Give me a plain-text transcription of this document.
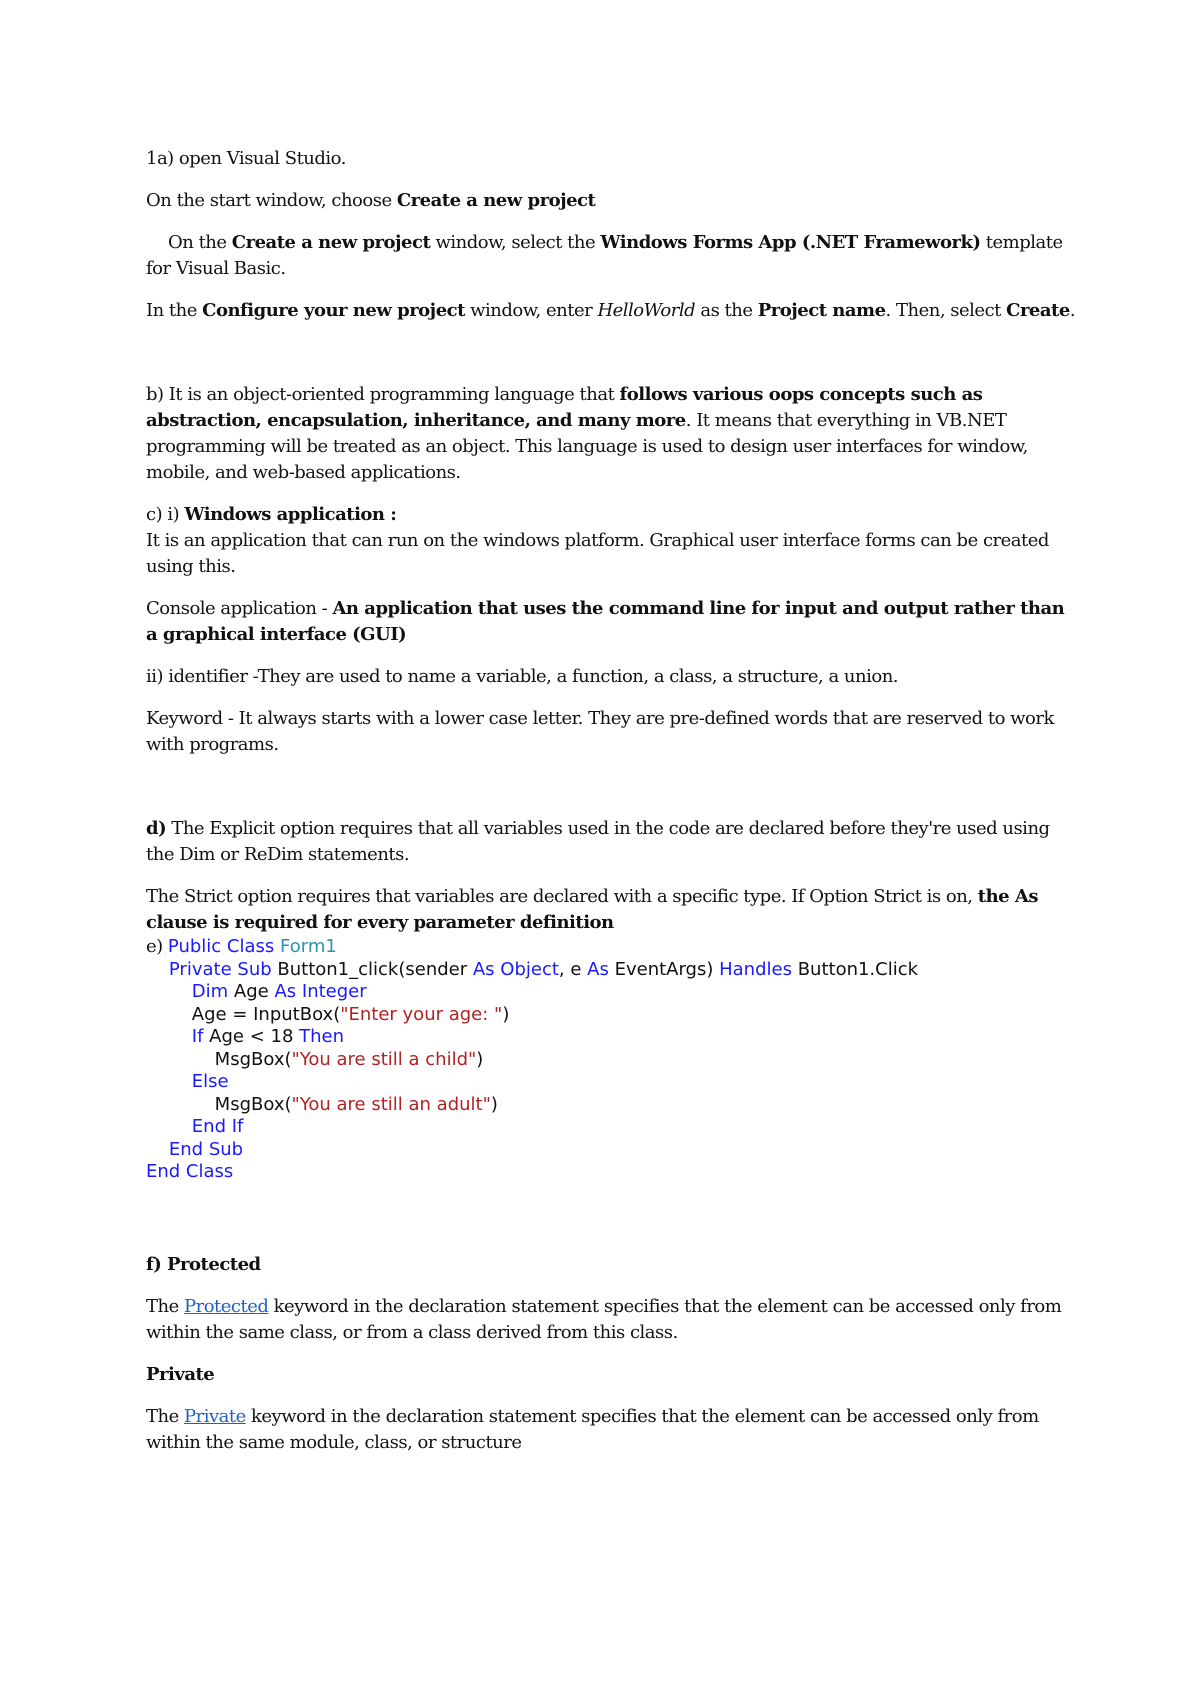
1a) open Visual Studio.

On the start window, choose Create a new project

On the Create a new project window, select the Windows Forms App (.NET Framework) template for Visual Basic.

In the Configure your new project window, enter HelloWorld as the Project name. Then, select Create.

b) It is an object-oriented programming language that follows various oops concepts such as abstraction, encapsulation, inheritance, and many more. It means that everything in VB.NET programming will be treated as an object. This language is used to design user interfaces for window, mobile, and web-based applications.

c) i) Windows application :
It is an application that can run on the windows platform. Graphical user interface forms can be created using this.

Console application - An application that uses the command line for input and output rather than a graphical interface (GUI)

ii) identifier -They are used to name a variable, a function, a class, a structure, a union.

Keyword - It always starts with a lower case letter. They are pre-defined words that are reserved to work with programs.

d) The Explicit option requires that all variables used in the code are declared before they're used using the Dim or ReDim statements.

The Strict option requires that variables are declared with a specific type. If Option Strict is on, the As clause is required for every parameter definition

e) Public Class Form1
Private Sub Button1_click(sender As Object, e As EventArgs) Handles Button1.Click
Dim Age As Integer
Age = InputBox("Enter your age: ")
If Age < 18 Then
MsgBox("You are still a child")
Else
MsgBox("You are still an adult")
End If
End Sub
End Class

f) Protected

The Protected keyword in the declaration statement specifies that the element can be accessed only from within the same class, or from a class derived from this class.

Private

The Private keyword in the declaration statement specifies that the element can be accessed only from within the same module, class, or structure
